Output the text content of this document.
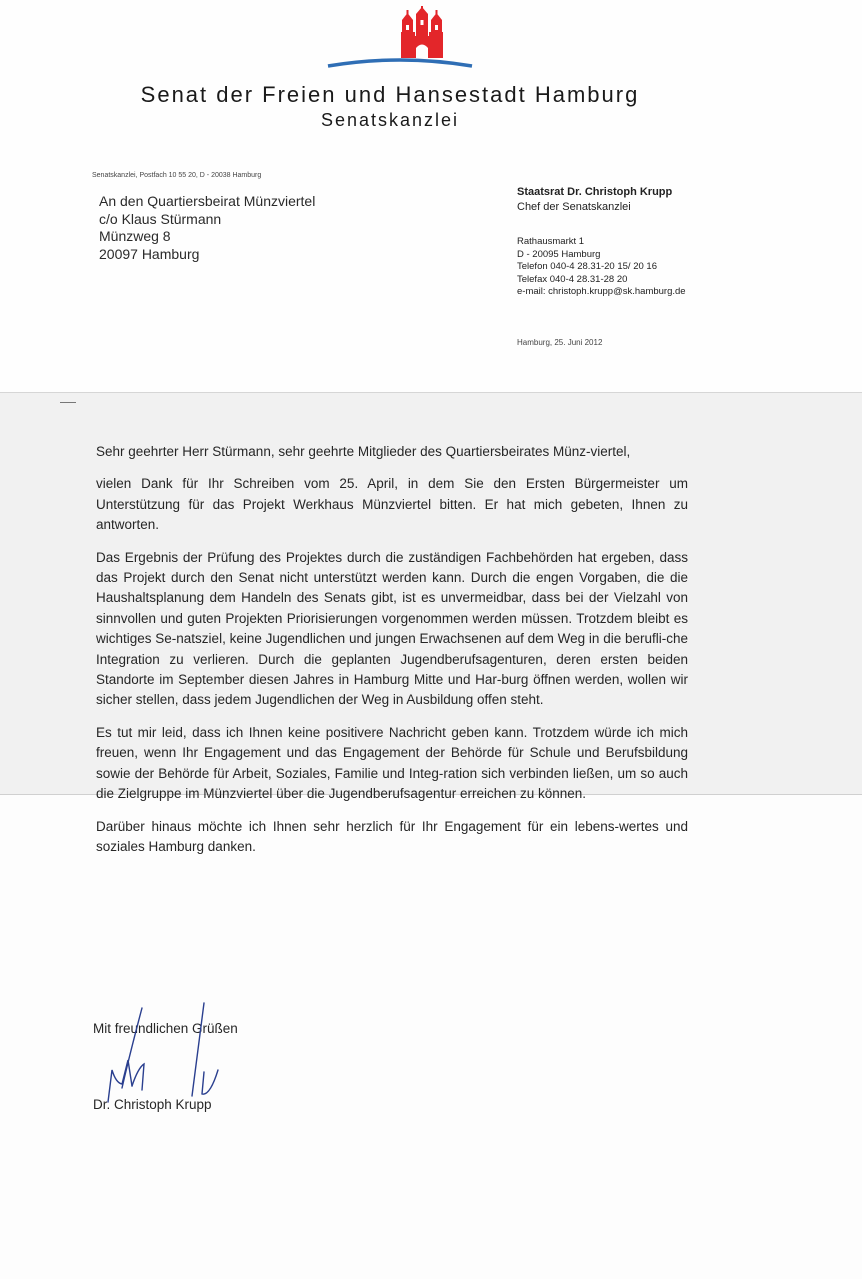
Senat der Freien und Hansestadt Hamburg
Senatskanzlei
Senatskanzlei, Postfach 10 55 20, D - 20038 Hamburg
An den Quartiersbeirat Münzviertel
c/o Klaus Stürmann
Münzweg 8
20097 Hamburg
Staatsrat Dr. Christoph Krupp
Chef der Senatskanzlei
Rathausmarkt 1
D - 20095 Hamburg
Telefon 040-4 28.31-20 15/ 20 16
Telefax 040-4 28.31-28 20
e-mail: christoph.krupp@sk.hamburg.de
Hamburg, 25. Juni 2012

Sehr geehrter Herr Stürmann, sehr geehrte Mitglieder des Quartiersbeirates Münz-viertel,

vielen Dank für Ihr Schreiben vom 25. April, in dem Sie den Ersten Bürgermeister um Unterstützung für das Projekt Werkhaus Münzviertel bitten. Er hat mich gebeten, Ihnen zu antworten.

Das Ergebnis der Prüfung des Projektes durch die zuständigen Fachbehörden hat ergeben, dass das Projekt durch den Senat nicht unterstützt werden kann. Durch die engen Vorgaben, die die Haushaltsplanung dem Handeln des Senats gibt, ist es unvermeidbar, dass bei der Vielzahl von sinnvollen und guten Projekten Priorisierungen vorgenommen werden müssen. Trotzdem bleibt es wichtiges Se-natsziel, keine Jugendlichen und jungen Erwachsenen auf dem Weg in die berufli-che Integration zu verlieren. Durch die geplanten Jugendberufsagenturen, deren ersten beiden Standorte im September diesen Jahres in Hamburg Mitte und Har-burg öffnen werden, wollen wir sicher stellen, dass jedem Jugendlichen der Weg in Ausbildung offen steht.

Es tut mir leid, dass ich Ihnen keine positivere Nachricht geben kann. Trotzdem würde ich mich freuen, wenn Ihr Engagement und das Engagement der Behörde für Schule und Berufsbildung sowie der Behörde für Arbeit, Soziales, Familie und Integ-ration sich verbinden ließen, um so auch die Zielgruppe im Münzviertel über die Jugendberufsagentur erreichen zu können.

Darüber hinaus möchte ich Ihnen sehr herzlich für Ihr Engagement für ein lebens-wertes und soziales Hamburg danken.

Mit freundlichen Grüßen
Dr. Christoph Krupp
